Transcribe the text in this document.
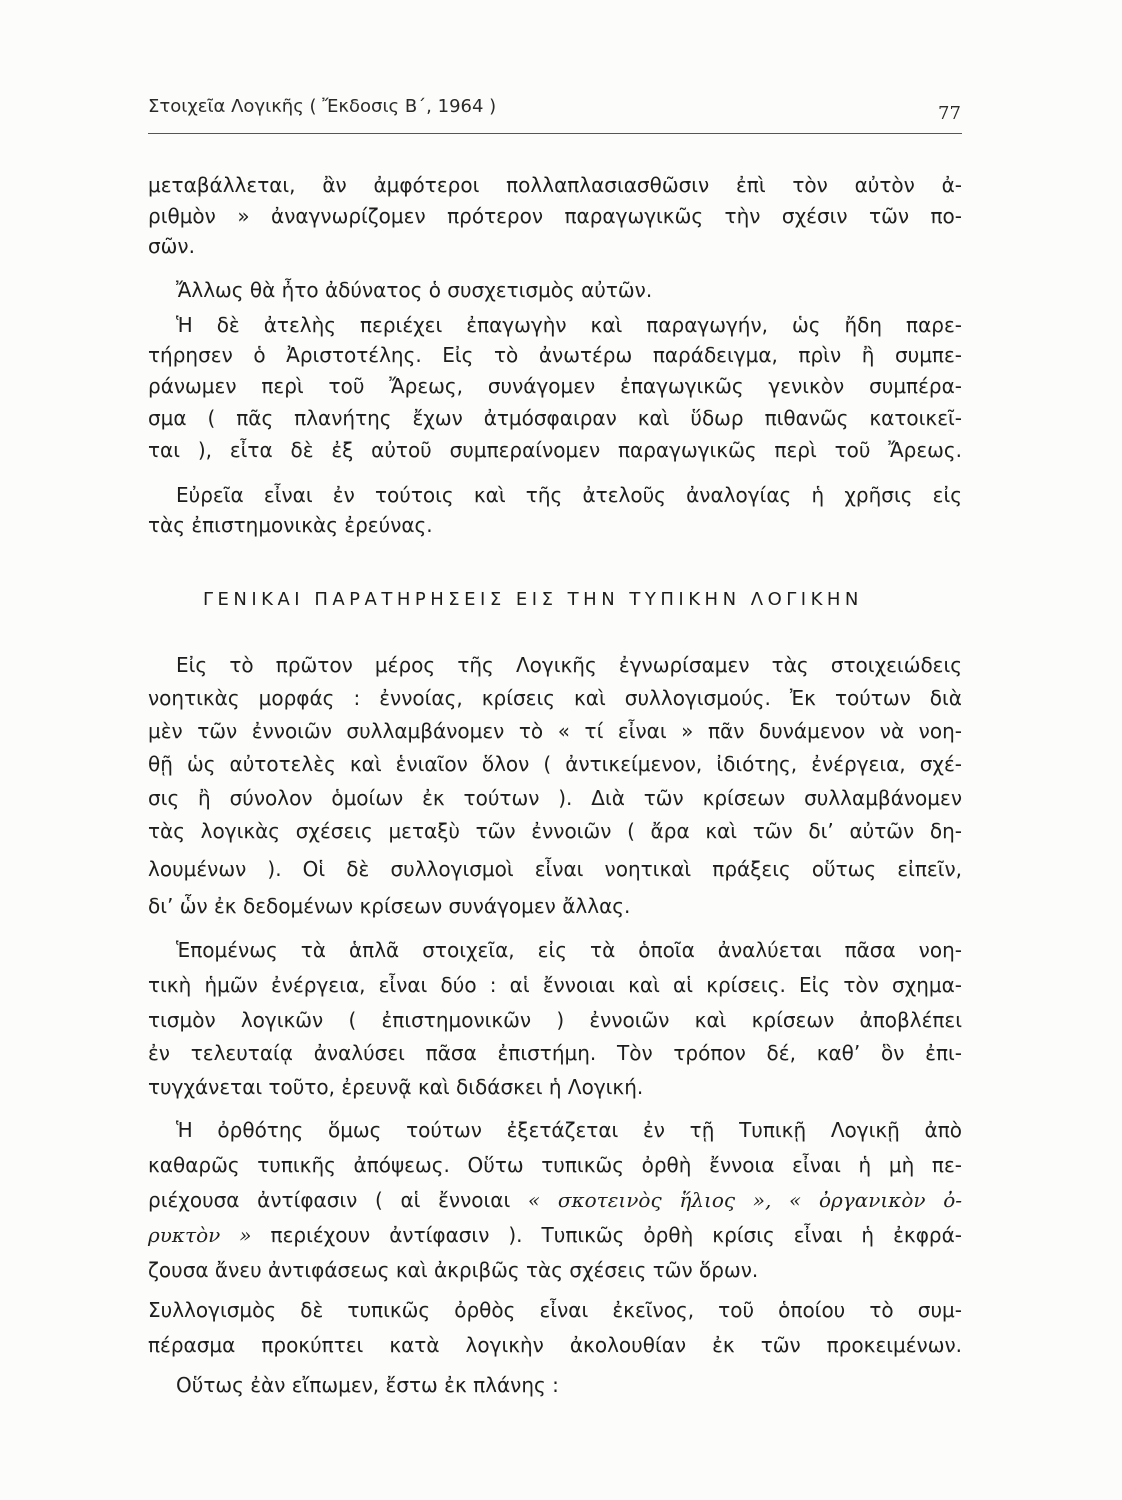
Στοιχεῖα Λογικῆς ( Ἔκδοσις Β΄, 1964 )	77
μεταβάλλεται, ἂν ἀμφότεροι πολλαπλασιασθῶσιν ἐπὶ τὸν αὐτὸν ἀ-
ριθμὸν » ἀναγνωρίζομεν πρότερον παραγωγικῶς τὴν σχέσιν τῶν πο-
σῶν.
Ἄλλως θὰ ἦτο ἀδύνατος ὁ συσχετισμὸς αὐτῶν.
Ἡ δὲ ἀτελὴς περιέχει ἐπαγωγὴν καὶ παραγωγήν, ὡς ἤδη παρε-
τήρησεν ὁ Ἀριστοτέλης. Εἰς τὸ ἀνωτέρω παράδειγμα, πρὶν ἢ συμπε-
ράνωμεν περὶ τοῦ Ἄρεως, συνάγομεν ἐπαγωγικῶς γενικὸν συμπέρα-
σμα ( πᾶς πλανήτης ἔχων ἀτμόσφαιραν καὶ ὕδωρ πιθανῶς κατοικεῖ-
ται ), εἶτα δὲ ἐξ αὐτοῦ συμπεραίνομεν παραγωγικῶς περὶ τοῦ Ἄρεως.
Εὐρεῖα εἶναι ἐν τούτοις καὶ τῆς ἀτελοῦς ἀναλογίας ἡ χρῆσις εἰς
τὰς ἐπιστημονικὰς ἐρεύνας.
ΓΕΝΙΚΑΙ ΠΑΡΑΤΗΡΗΣΕΙΣ ΕΙΣ ΤΗΝ ΤΥΠΙΚΗΝ ΛΟΓΙΚΗΝ
Εἰς τὸ πρῶτον μέρος τῆς Λογικῆς ἐγνωρίσαμεν τὰς στοιχειώδεις
νοητικὰς μορφάς : ἐννοίας, κρίσεις καὶ συλλογισμούς. Ἐκ τούτων διὰ
μὲν τῶν ἐννοιῶν συλλαμβάνομεν τὸ « τί εἶναι » πᾶν δυνάμενον νὰ νοη-
θῇ ὡς αὐτοτελὲς καὶ ἑνιαῖον ὅλον ( ἀντικείμενον, ἰδιότης, ἐνέργεια, σχέ-
σις ἢ σύνολον ὁμοίων ἐκ τούτων ). Διὰ τῶν κρίσεων συλλαμβάνομεν
τὰς λογικὰς σχέσεις μεταξὺ τῶν ἐννοιῶν ( ἄρα καὶ τῶν δι’ αὐτῶν δη-
λουμένων ). Οἱ δὲ συλλογισμοὶ εἶναι νοητικαὶ πράξεις οὕτως εἰπεῖν,
δι’ ὧν ἐκ δεδομένων κρίσεων συνάγομεν ἄλλας.
Ἑπομένως τὰ ἁπλᾶ στοιχεῖα, εἰς τὰ ὁποῖα ἀναλύεται πᾶσα νοη-
τικὴ ἡμῶν ἐνέργεια, εἶναι δύο : αἱ ἔννοιαι καὶ αἱ κρίσεις. Εἰς τὸν σχημα-
τισμὸν λογικῶν ( ἐπιστημονικῶν ) ἐννοιῶν καὶ κρίσεων ἀποβλέπει
ἐν τελευταίᾳ ἀναλύσει πᾶσα ἐπιστήμη. Τὸν τρόπον δέ, καθ’ ὃν ἐπι-
τυγχάνεται τοῦτο, ἐρευνᾷ καὶ διδάσκει ἡ Λογική.
Ἡ ὀρθότης ὅμως τούτων ἐξετάζεται ἐν τῇ Τυπικῇ Λογικῇ ἀπὸ
καθαρῶς τυπικῆς ἀπόψεως. Οὕτω τυπικῶς ὀρθὴ ἔννοια εἶναι ἡ μὴ πε-
ριέχουσα ἀντίφασιν ( αἱ ἔννοιαι « σκοτεινὸς ἥλιος », « ὀργανικὸν ὀ-
ρυκτὸν » περιέχουν ἀντίφασιν ). Τυπικῶς ὀρθὴ κρίσις εἶναι ἡ ἐκφρά-
ζουσα ἄνευ ἀντιφάσεως καὶ ἀκριβῶς τὰς σχέσεις τῶν ὅρων.
Συλλογισμὸς δὲ τυπικῶς ὀρθὸς εἶναι ἐκεῖνος, τοῦ ὁποίου τὸ συμ-
πέρασμα προκύπτει κατὰ λογικὴν ἀκολουθίαν ἐκ τῶν προκειμένων.
Οὕτως ἐὰν εἴπωμεν, ἔστω ἐκ πλάνης :
